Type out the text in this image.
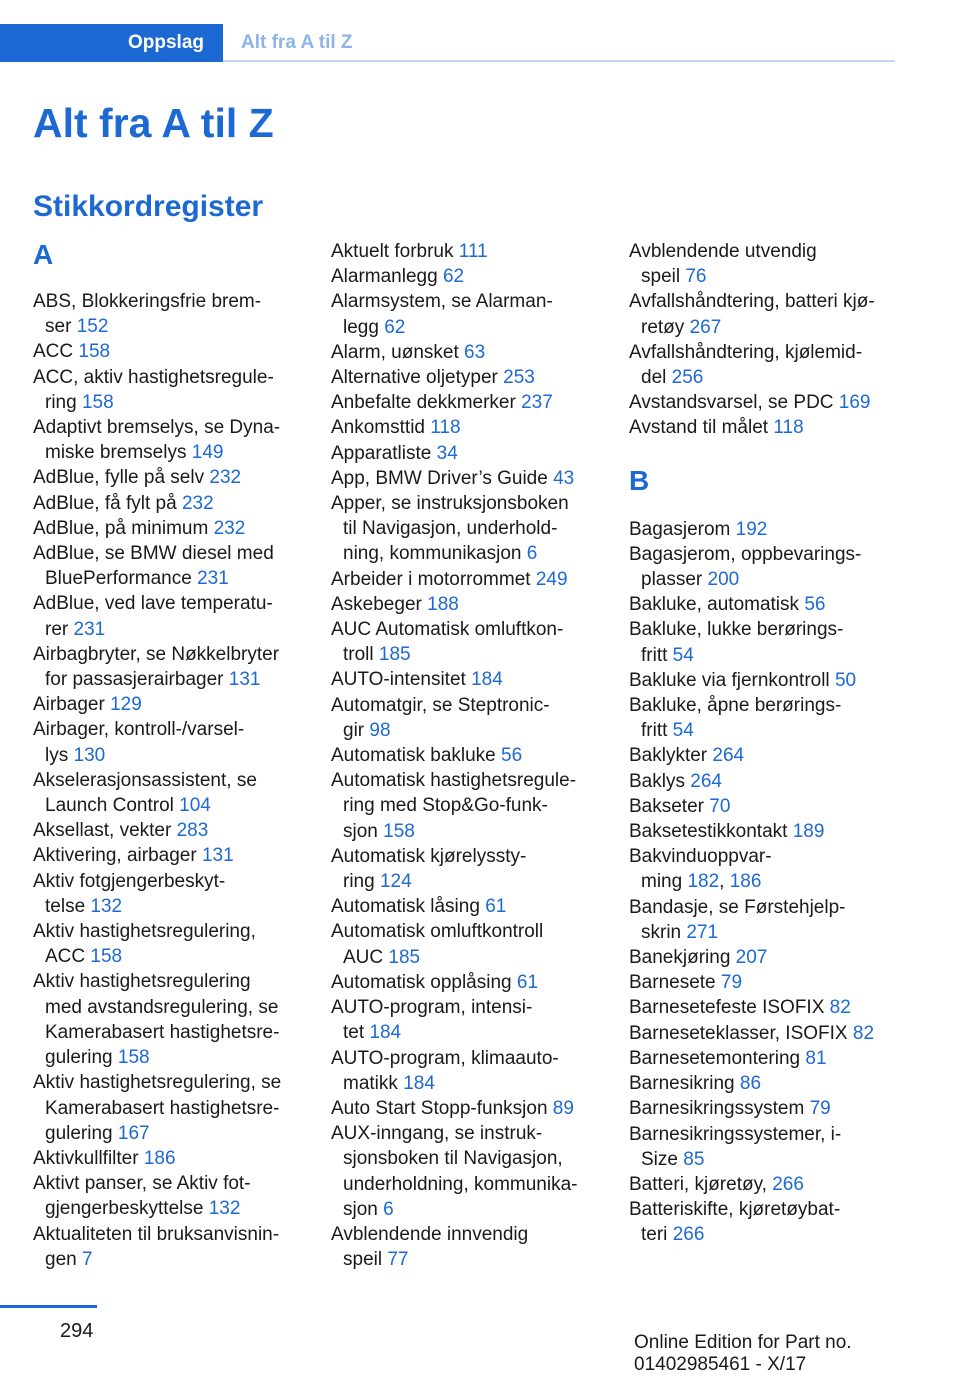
Oppslag	Alt fra A til Z
Alt fra A til Z
Stikkordregister
A
ABS, Blokkeringsfrie brem-
ser 152
ACC 158
ACC, aktiv hastighetsregule-
ring 158
Adaptivt bremselys, se Dyna-
miske bremselys 149
AdBlue, fylle på selv 232
AdBlue, få fylt på 232
AdBlue, på minimum 232
AdBlue, se BMW diesel med
BluePerformance 231
AdBlue, ved lave temperatu-
rer 231
Airbagbryter, se Nøkkelbryter
for passasjerairbager 131
Airbager 129
Airbager, kontroll-/varsel-
lys 130
Akselerasjonsassistent, se
Launch Control 104
Aksellast, vekter 283
Aktivering, airbager 131
Aktiv fotgjengerbeskyt-
telse 132
Aktiv hastighetsregulering,
ACC 158
Aktiv hastighetsregulering
med avstandsregulering, se
Kamerabasert hastighetsre-
gulering 158
Aktiv hastighetsregulering, se
Kamerabasert hastighetsre-
gulering 167
Aktivkullfilter 186
Aktivt panser, se Aktiv fot-
gjengerbeskyttelse 132
Aktualiteten til bruksanvisnin-
gen 7
Aktuelt forbruk 111
Alarmanlegg 62
Alarmsystem, se Alarman-
legg 62
Alarm, uønsket 63
Alternative oljetyper 253
Anbefalte dekkmerker 237
Ankomsttid 118
Apparatliste 34
App, BMW Driver’s Guide 43
Apper, se instruksjonsboken
til Navigasjon, underhold-
ning, kommunikasjon 6
Arbeider i motorrommet 249
Askebeger 188
AUC Automatisk omluftkon-
troll 185
AUTO-intensitet 184
Automatgir, se Steptronic-
gir 98
Automatisk bakluke 56
Automatisk hastighetsregule-
ring med Stop&Go-funk-
sjon 158
Automatisk kjørelyssty-
ring 124
Automatisk låsing 61
Automatisk omluftkontroll
AUC 185
Automatisk opplåsing 61
AUTO-program, intensi-
tet 184
AUTO-program, klimaauto-
matikk 184
Auto Start Stopp-funksjon 89
AUX-inngang, se instruk-
sjonsboken til Navigasjon,
underholdning, kommunika-
sjon 6
Avblendende innvendig
speil 77
Avblendende utvendig
speil 76
Avfallshåndtering, batteri kjø-
retøy 267
Avfallshåndtering, kjølemid-
del 256
Avstandsvarsel, se PDC 169
Avstand til målet 118
B
Bagasjerom 192
Bagasjerom, oppbevarings-
plasser 200
Bakluke, automatisk 56
Bakluke, lukke berørings-
fritt 54
Bakluke via fjernkontroll 50
Bakluke, åpne berørings-
fritt 54
Baklykter 264
Baklys 264
Bakseter 70
Baksetestikkontakt 189
Bakvinduoppvar-
ming 182, 186
Bandasje, se Førstehjelp-
skrin 271
Banekjøring 207
Barnesete 79
Barnesetefeste ISOFIX 82
Barneseteklasser, ISOFIX 82
Barnesetemontering 81
Barnesikring 86
Barnesikringssystem 79
Barnesikringssystemer, i-
Size 85
Batteri, kjøretøy, 266
Batteriskifte, kjøretøybat-
teri 266
294
Online Edition for Part no. 01402985461 - X/17
